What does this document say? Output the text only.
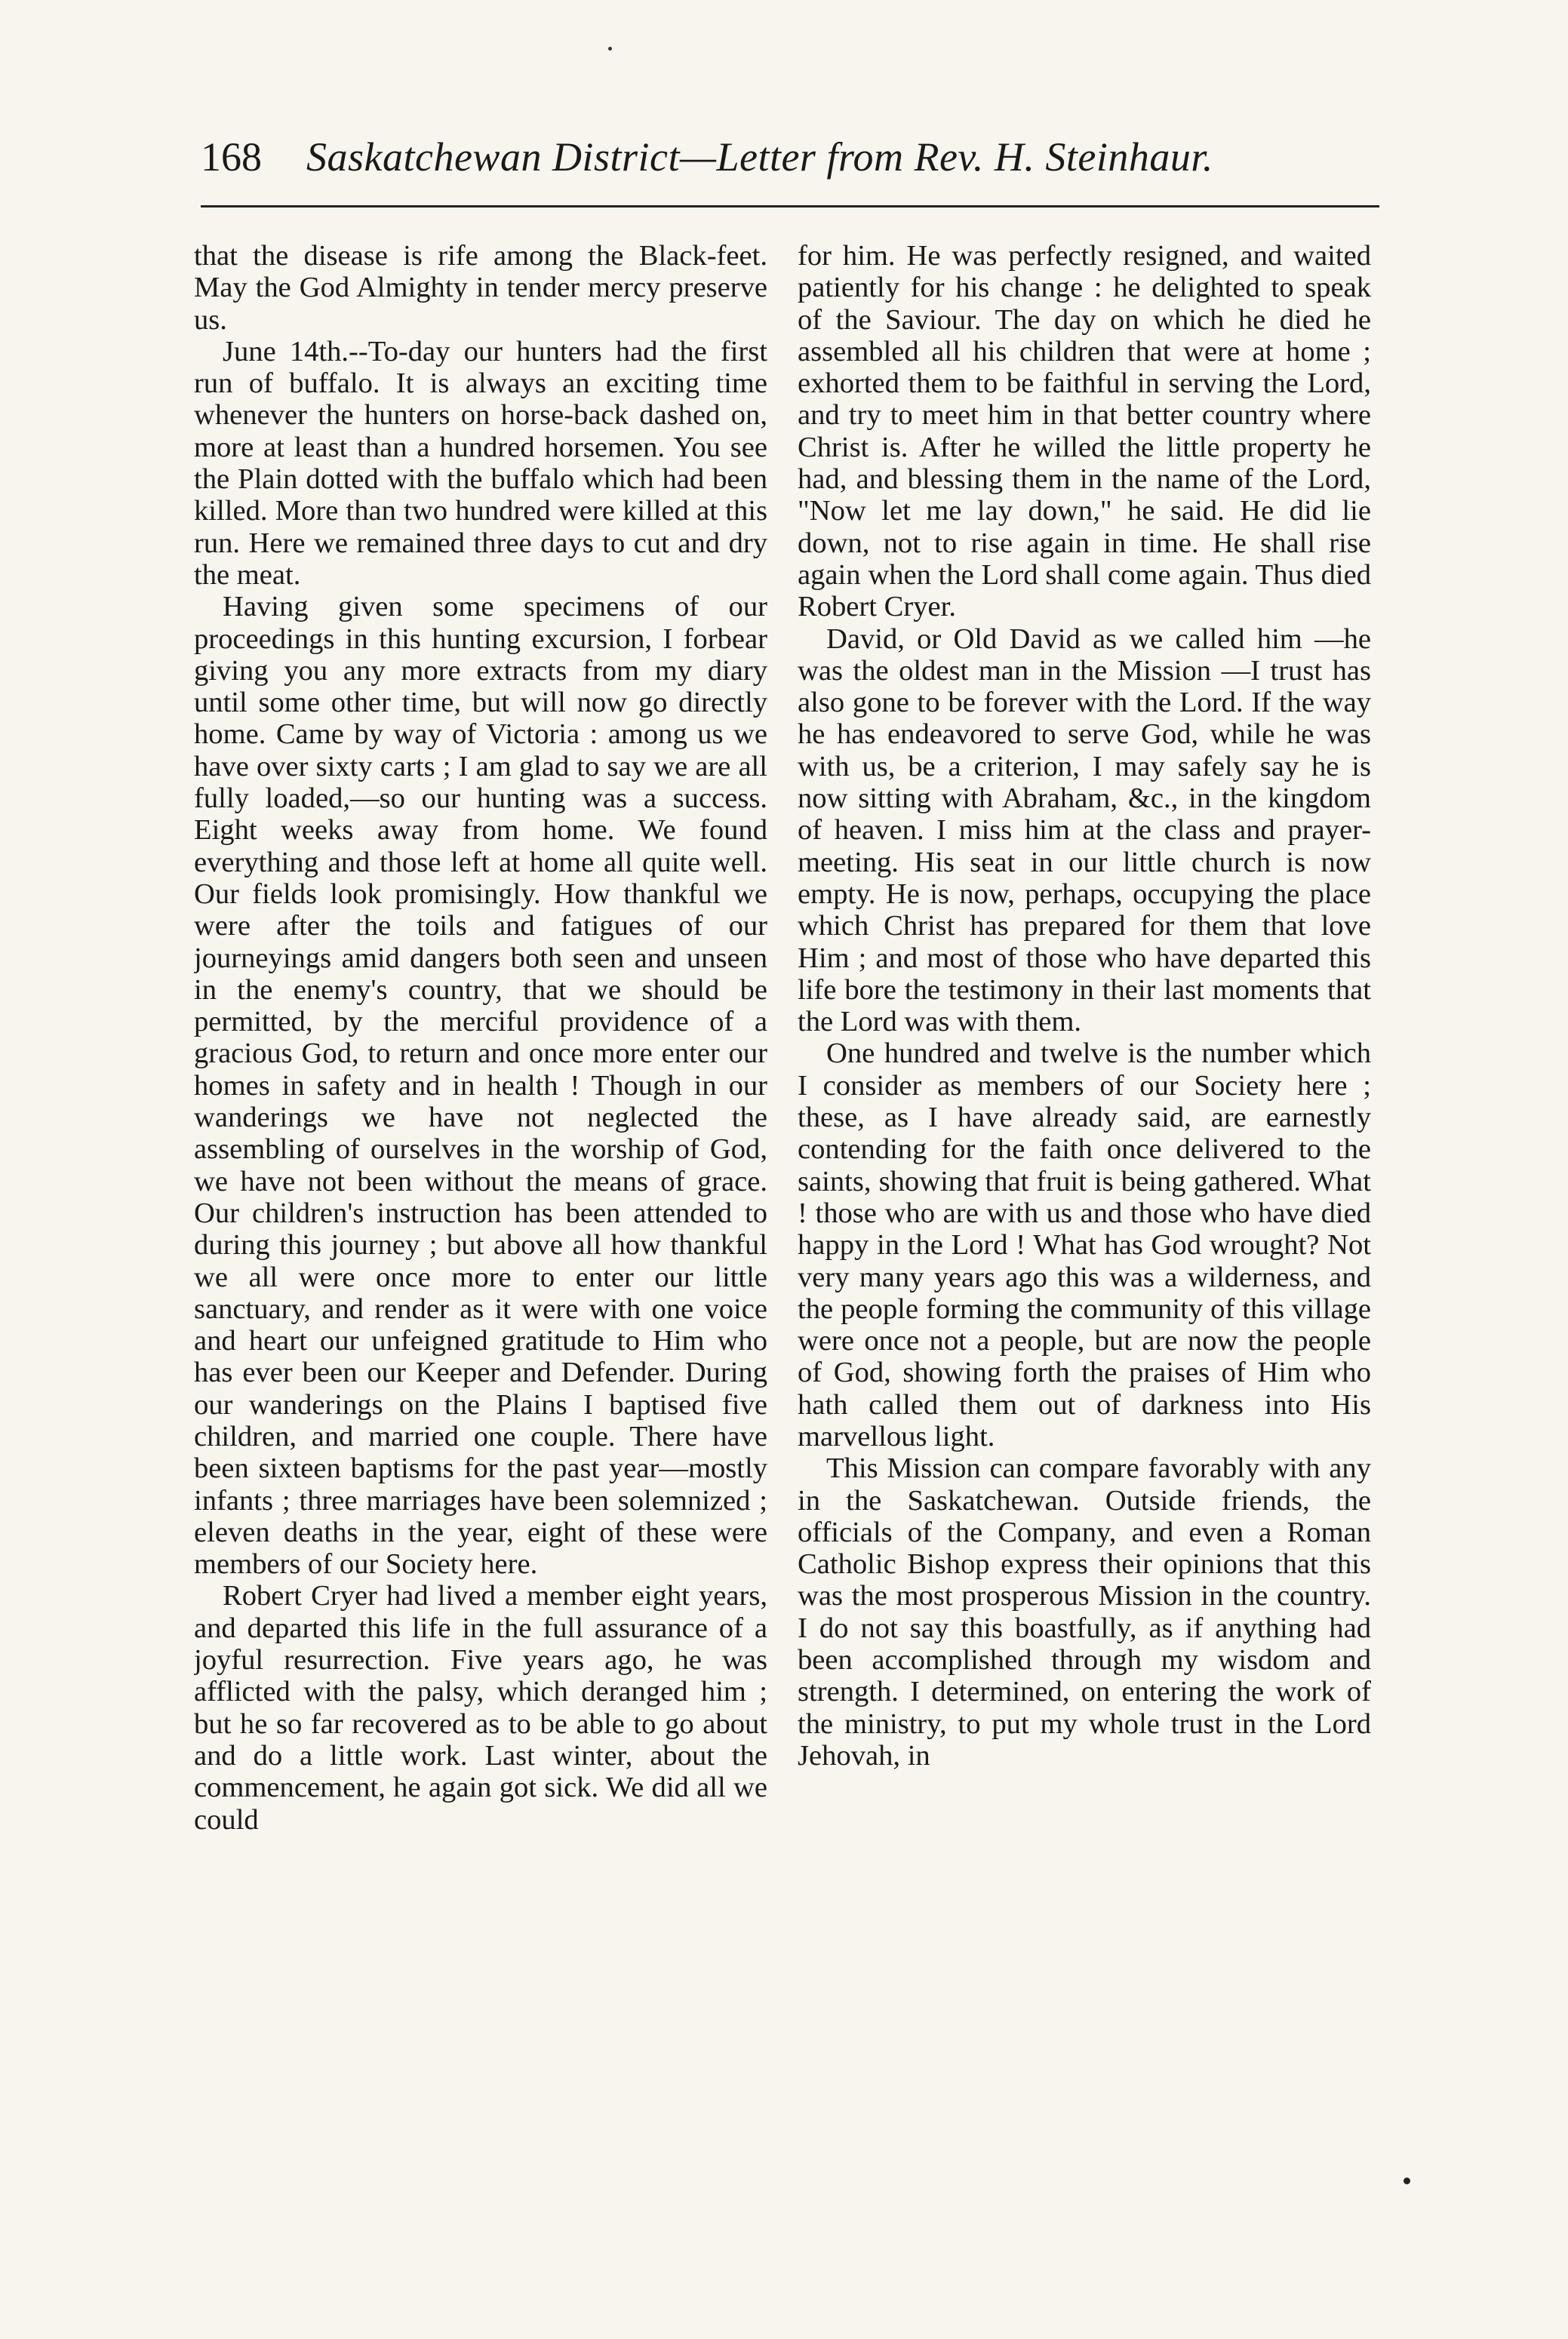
168 Saskatchewan District—Letter from Rev. H. Steinhaur.

that the disease is rife among the Black-feet. May the God Almighty in tender mercy preserve us.

June 14th.--To-day our hunters had the first run of buffalo. It is always an exciting time whenever the hunters on horse-back dashed on, more at least than a hundred horsemen. You see the Plain dotted with the buffalo which had been killed. More than two hundred were killed at this run. Here we remained three days to cut and dry the meat.

Having given some specimens of our proceedings in this hunting excursion, I forbear giving you any more extracts from my diary until some other time, but will now go directly home. Came by way of Victoria : among us we have over sixty carts ; I am glad to say we are all fully loaded,—so our hunting was a success. Eight weeks away from home. We found everything and those left at home all quite well. Our fields look promisingly. How thankful we were after the toils and fatigues of our journeyings amid dangers both seen and unseen in the enemy's country, that we should be permitted, by the merciful providence of a gracious God, to return and once more enter our homes in safety and in health ! Though in our wanderings we have not neglected the assembling of ourselves in the worship of God, we have not been without the means of grace. Our children's instruction has been attended to during this journey ; but above all how thankful we all were once more to enter our little sanctuary, and render as it were with one voice and heart our unfeigned gratitude to Him who has ever been our Keeper and Defender. During our wanderings on the Plains I baptised five children, and married one couple. There have been sixteen baptisms for the past year—mostly infants ; three marriages have been solemnized ; eleven deaths in the year, eight of these were members of our Society here.

Robert Cryer had lived a member eight years, and departed this life in the full assurance of a joyful resurrection. Five years ago, he was afflicted with the palsy, which deranged him ; but he so far recovered as to be able to go about and do a little work. Last winter, about the commencement, he again got sick. We did all we could

for him. He was perfectly resigned, and waited patiently for his change : he delighted to speak of the Saviour. The day on which he died he assembled all his children that were at home ; exhorted them to be faithful in serving the Lord, and try to meet him in that better country where Christ is. After he willed the little property he had, and blessing them in the name of the Lord, "Now let me lay down," he said. He did lie down, not to rise again in time. He shall rise again when the Lord shall come again. Thus died Robert Cryer.

David, or Old David as we called him —he was the oldest man in the Mission —I trust has also gone to be forever with the Lord. If the way he has endeavored to serve God, while he was with us, be a criterion, I may safely say he is now sitting with Abraham, &c., in the kingdom of heaven. I miss him at the class and prayer-meeting. His seat in our little church is now empty. He is now, perhaps, occupying the place which Christ has prepared for them that love Him ; and most of those who have departed this life bore the testimony in their last moments that the Lord was with them.

One hundred and twelve is the number which I consider as members of our Society here ; these, as I have already said, are earnestly contending for the faith once delivered to the saints, showing that fruit is being gathered. What ! those who are with us and those who have died happy in the Lord ! What has God wrought? Not very many years ago this was a wilderness, and the people forming the community of this village were once not a people, but are now the people of God, showing forth the praises of Him who hath called them out of darkness into His marvellous light.

This Mission can compare favorably with any in the Saskatchewan. Outside friends, the officials of the Company, and even a Roman Catholic Bishop express their opinions that this was the most prosperous Mission in the country. I do not say this boastfully, as if anything had been accomplished through my wisdom and strength. I determined, on entering the work of the ministry, to put my whole trust in the Lord Jehovah, in
